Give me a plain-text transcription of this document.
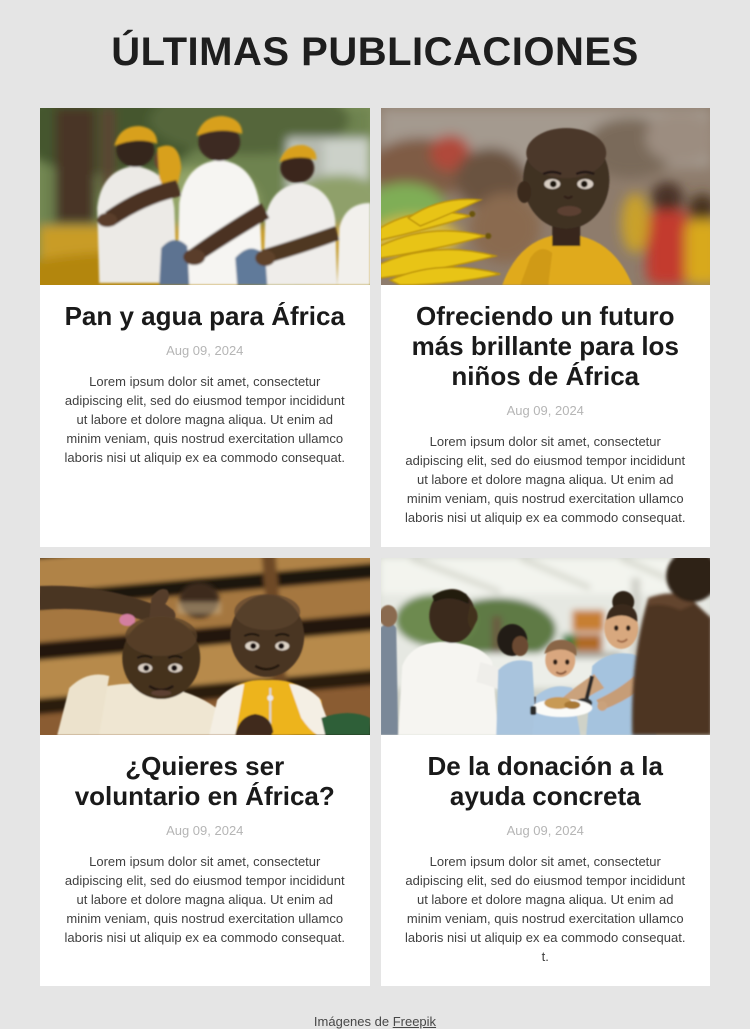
ÚLTIMAS PUBLICACIONES
Pan y agua para África
Aug 09, 2024

Lorem ipsum dolor sit amet, consectetur adipiscing elit, sed do eiusmod tempor incididunt ut labore et dolore magna aliqua. Ut enim ad minim veniam, quis nostrud exercitation ullamco laboris nisi ut aliquip ex ea commodo consequat.

Ofreciendo un futuro más brillante para los niños de África
Aug 09, 2024

Lorem ipsum dolor sit amet, consectetur adipiscing elit, sed do eiusmod tempor incididunt ut labore et dolore magna aliqua. Ut enim ad minim veniam, quis nostrud exercitation ullamco laboris nisi ut aliquip ex ea commodo consequat.

¿Quieres ser voluntario en África?
Aug 09, 2024

Lorem ipsum dolor sit amet, consectetur adipiscing elit, sed do eiusmod tempor incididunt ut labore et dolore magna aliqua. Ut enim ad minim veniam, quis nostrud exercitation ullamco laboris nisi ut aliquip ex ea commodo consequat.

De la donación a la ayuda concreta
Aug 09, 2024

Lorem ipsum dolor sit amet, consectetur adipiscing elit, sed do eiusmod tempor incididunt ut labore et dolore magna aliqua. Ut enim ad minim veniam, quis nostrud exercitation ullamco laboris nisi ut aliquip ex ea commodo consequat. t.

Imágenes de Freepik
